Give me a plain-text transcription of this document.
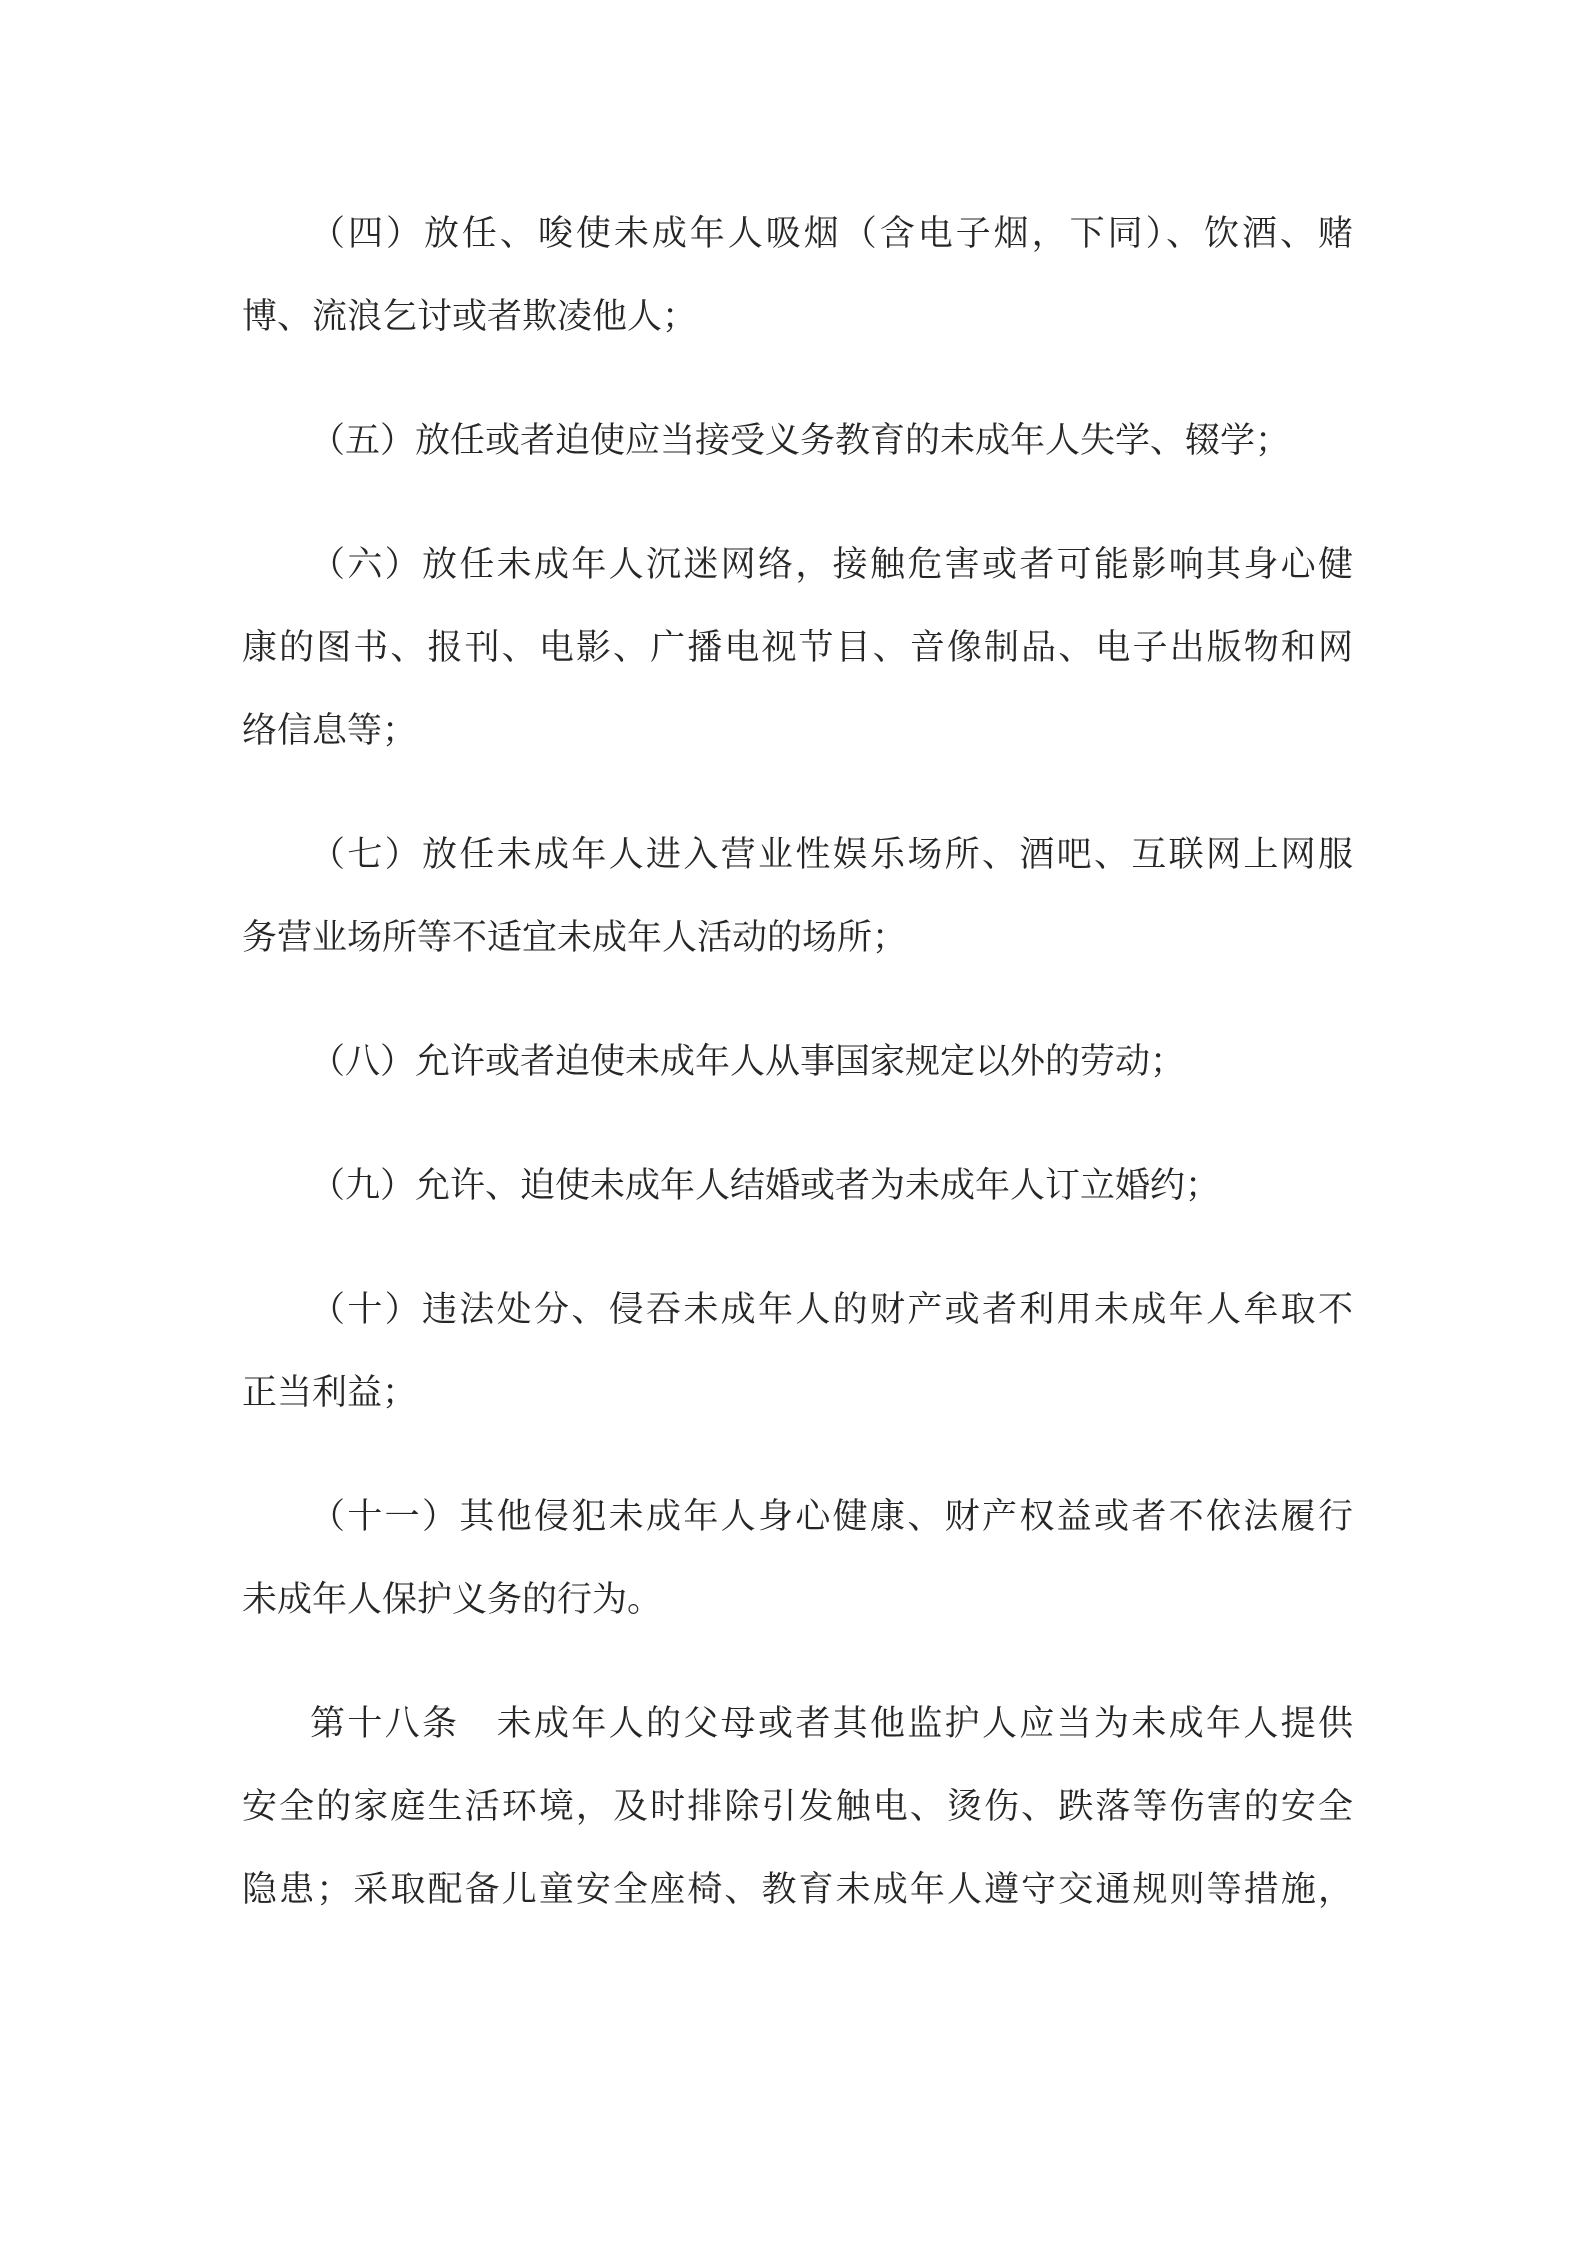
（四）放任、唆使未成年人吸烟（含电子烟，下同）、饮酒、赌
博、流浪乞讨或者欺凌他人；
（五）放任或者迫使应当接受义务教育的未成年人失学、辍学；
（六）放任未成年人沉迷网络，接触危害或者可能影响其身心健
康的图书、报刊、电影、广播电视节目、音像制品、电子出版物和网
络信息等；
（七）放任未成年人进入营业性娱乐场所、酒吧、互联网上网服
务营业场所等不适宜未成年人活动的场所；
（八）允许或者迫使未成年人从事国家规定以外的劳动；
（九）允许、迫使未成年人结婚或者为未成年人订立婚约；
（十）违法处分、侵吞未成年人的财产或者利用未成年人牟取不
正当利益；
（十一）其他侵犯未成年人身心健康、财产权益或者不依法履行
未成年人保护义务的行为。
第十八条　未成年人的父母或者其他监护人应当为未成年人提供
安全的家庭生活环境，及时排除引发触电、烫伤、跌落等伤害的安全
隐患；采取配备儿童安全座椅、教育未成年人遵守交通规则等措施，
